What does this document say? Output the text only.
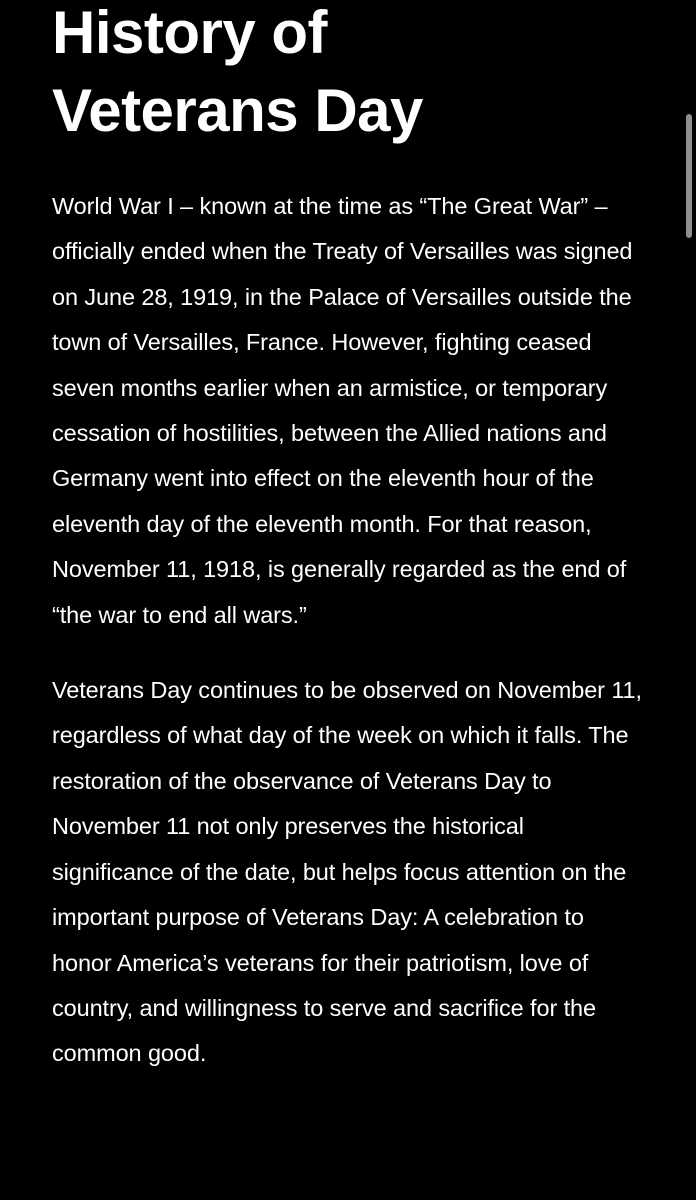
History of Veterans Day

World War I – known at the time as “The Great War” – officially ended when the Treaty of Versailles was signed on June 28, 1919, in the Palace of Versailles outside the town of Versailles, France. However, fighting ceased seven months earlier when an armistice, or temporary cessation of hostilities, between the Allied nations and Germany went into effect on the eleventh hour of the eleventh day of the eleventh month. For that reason, November 11, 1918, is generally regarded as the end of “the war to end all wars.”

Veterans Day continues to be observed on November 11, regardless of what day of the week on which it falls. The restoration of the observance of Veterans Day to November 11 not only preserves the historical significance of the date, but helps focus attention on the important purpose of Veterans Day: A celebration to honor America’s veterans for their patriotism, love of country, and willingness to serve and sacrifice for the common good.
